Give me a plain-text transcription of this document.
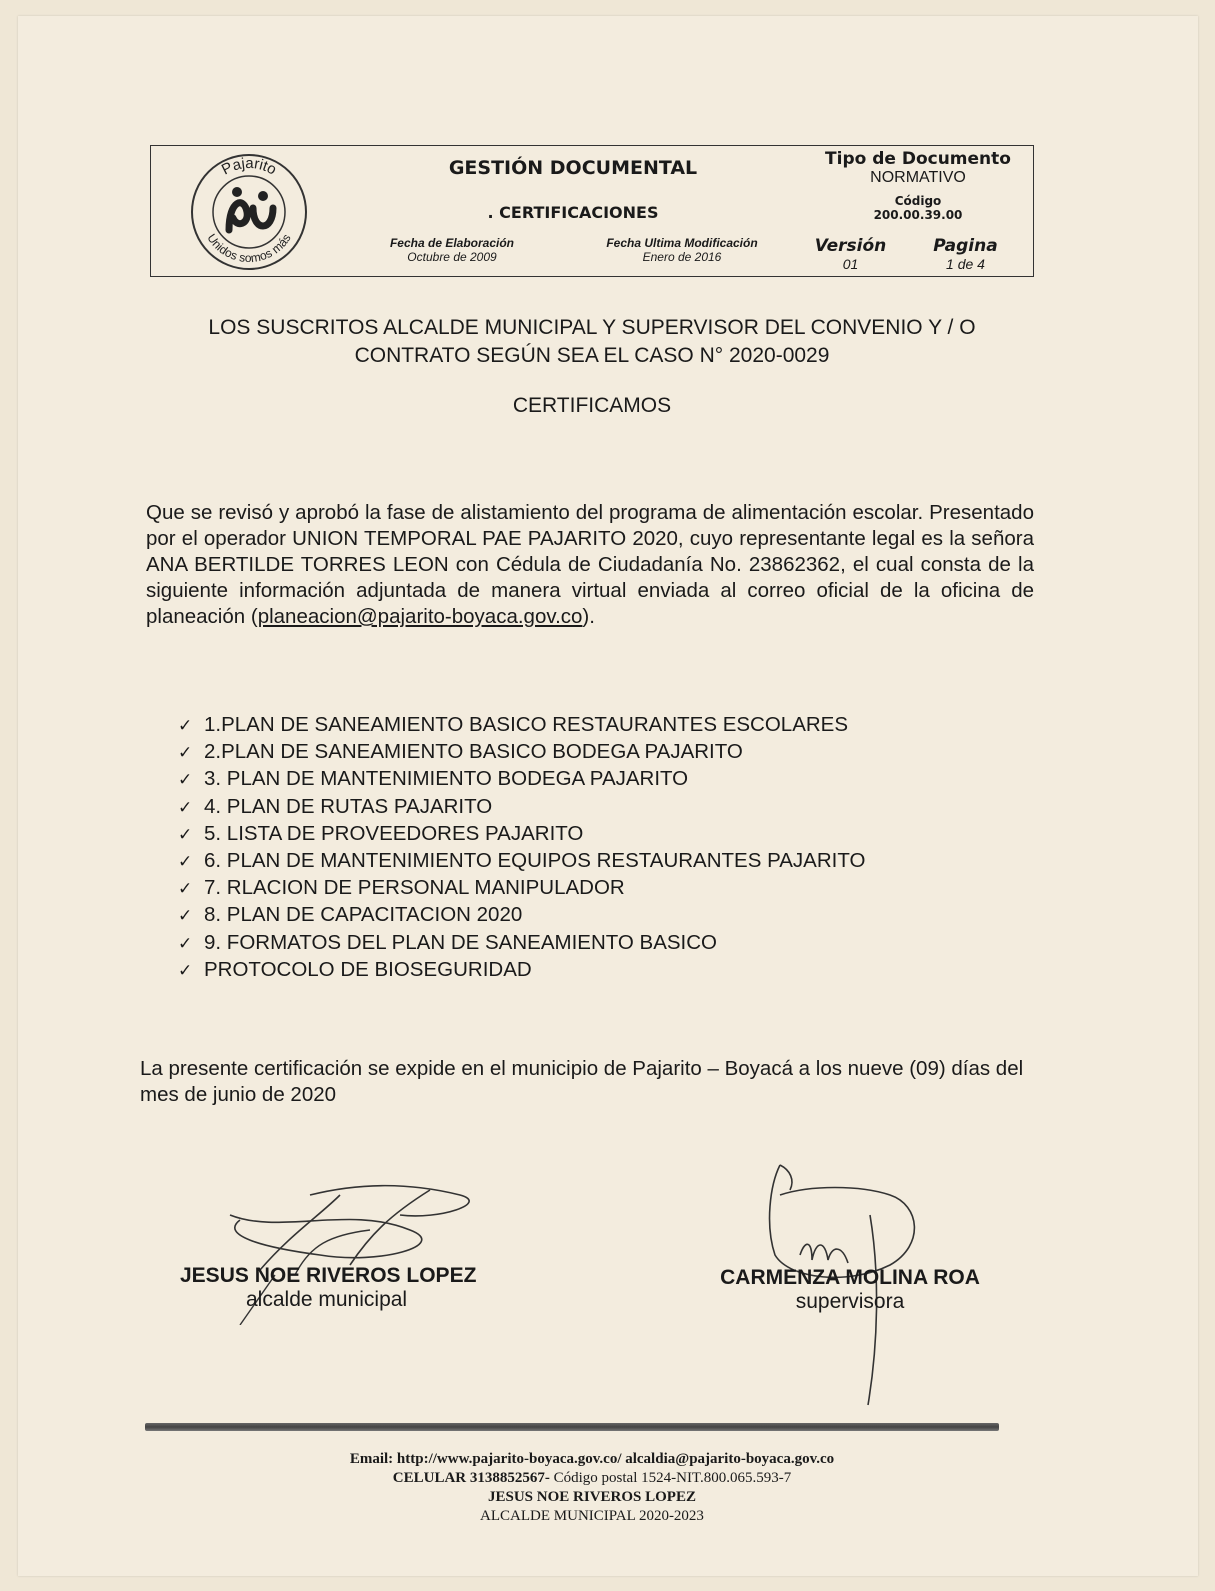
Pajarito
Unidos somos más
GESTIÓN DOCUMENTAL
. CERTIFICACIONES
Tipo de Documento
NORMATIVO
Código
200.00.39.00
Fecha de Elaboración
Octubre de 2009
Fecha Ultima Modificación
Enero de 2016
Versión
01
Pagina
1 de 4
LOS SUSCRITOS ALCALDE MUNICIPAL Y SUPERVISOR DEL CONVENIO Y / O
CONTRATO SEGÚN SEA EL CASO N° 2020-0029
CERTIFICAMOS
Que se revisó y aprobó la fase de alistamiento del programa de alimentación escolar. Presentado por el operador UNION TEMPORAL PAE PAJARITO 2020, cuyo representante legal es la señora ANA BERTILDE TORRES LEON con Cédula de Ciudadanía No. 23862362, el cual consta de la siguiente información adjuntada de manera virtual enviada al correo oficial de la oficina de planeación (planeacion@pajarito-boyaca.gov.co).
✓ 1.PLAN DE SANEAMIENTO BASICO RESTAURANTES ESCOLARES
✓ 2.PLAN DE SANEAMIENTO BASICO BODEGA PAJARITO
✓ 3. PLAN DE MANTENIMIENTO BODEGA PAJARITO
✓ 4. PLAN DE RUTAS PAJARITO
✓ 5. LISTA DE PROVEEDORES PAJARITO
✓ 6. PLAN DE MANTENIMIENTO EQUIPOS RESTAURANTES PAJARITO
✓ 7. RLACION DE PERSONAL MANIPULADOR
✓ 8. PLAN DE CAPACITACION 2020
✓ 9. FORMATOS DEL PLAN DE SANEAMIENTO BASICO
✓ PROTOCOLO DE BIOSEGURIDAD
La presente certificación se expide en el municipio de Pajarito – Boyacá a los nueve (09) días del mes de junio de 2020
JESUS NOE RIVEROS LOPEZ
alcalde municipal
CARMENZA MOLINA ROA
supervisora
Email: http://www.pajarito-boyaca.gov.co/ alcaldia@pajarito-boyaca.gov.co
CELULAR 3138852567- Código postal 1524-NIT.800.065.593-7
JESUS NOE RIVEROS LOPEZ
ALCALDE MUNICIPAL 2020-2023
